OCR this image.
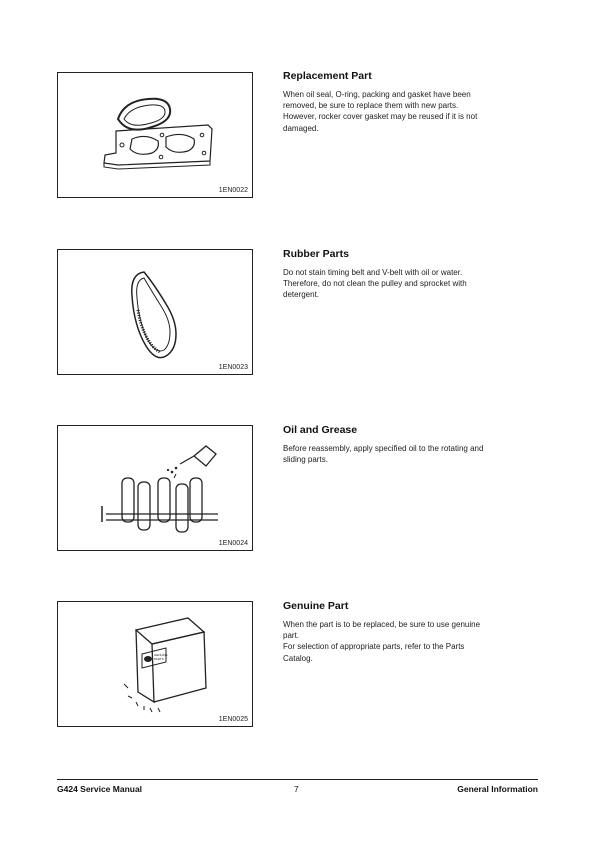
1EN0022
Replacement Part

When oil seal, O-ring, packing and gasket have been
removed, be sure to replace them with new parts.
However, rocker cover gasket may be reused if it is not
damaged.

1EN0023
Rubber Parts

Do not stain timing belt and V-belt with oil or water.
Therefore, do not clean the pulley and sprocket with
detergent.

1EN0024
Oil and Grease

Before reassembly, apply specified oil to the rotating and
sliding parts.

GENUINE
PARTS
1EN0025
Genuine Part

When the part is to be replaced, be sure to use genuine
part.
For selection of appropriate parts, refer to the Parts
Catalog.

G424 Service Manual	7	General Information
